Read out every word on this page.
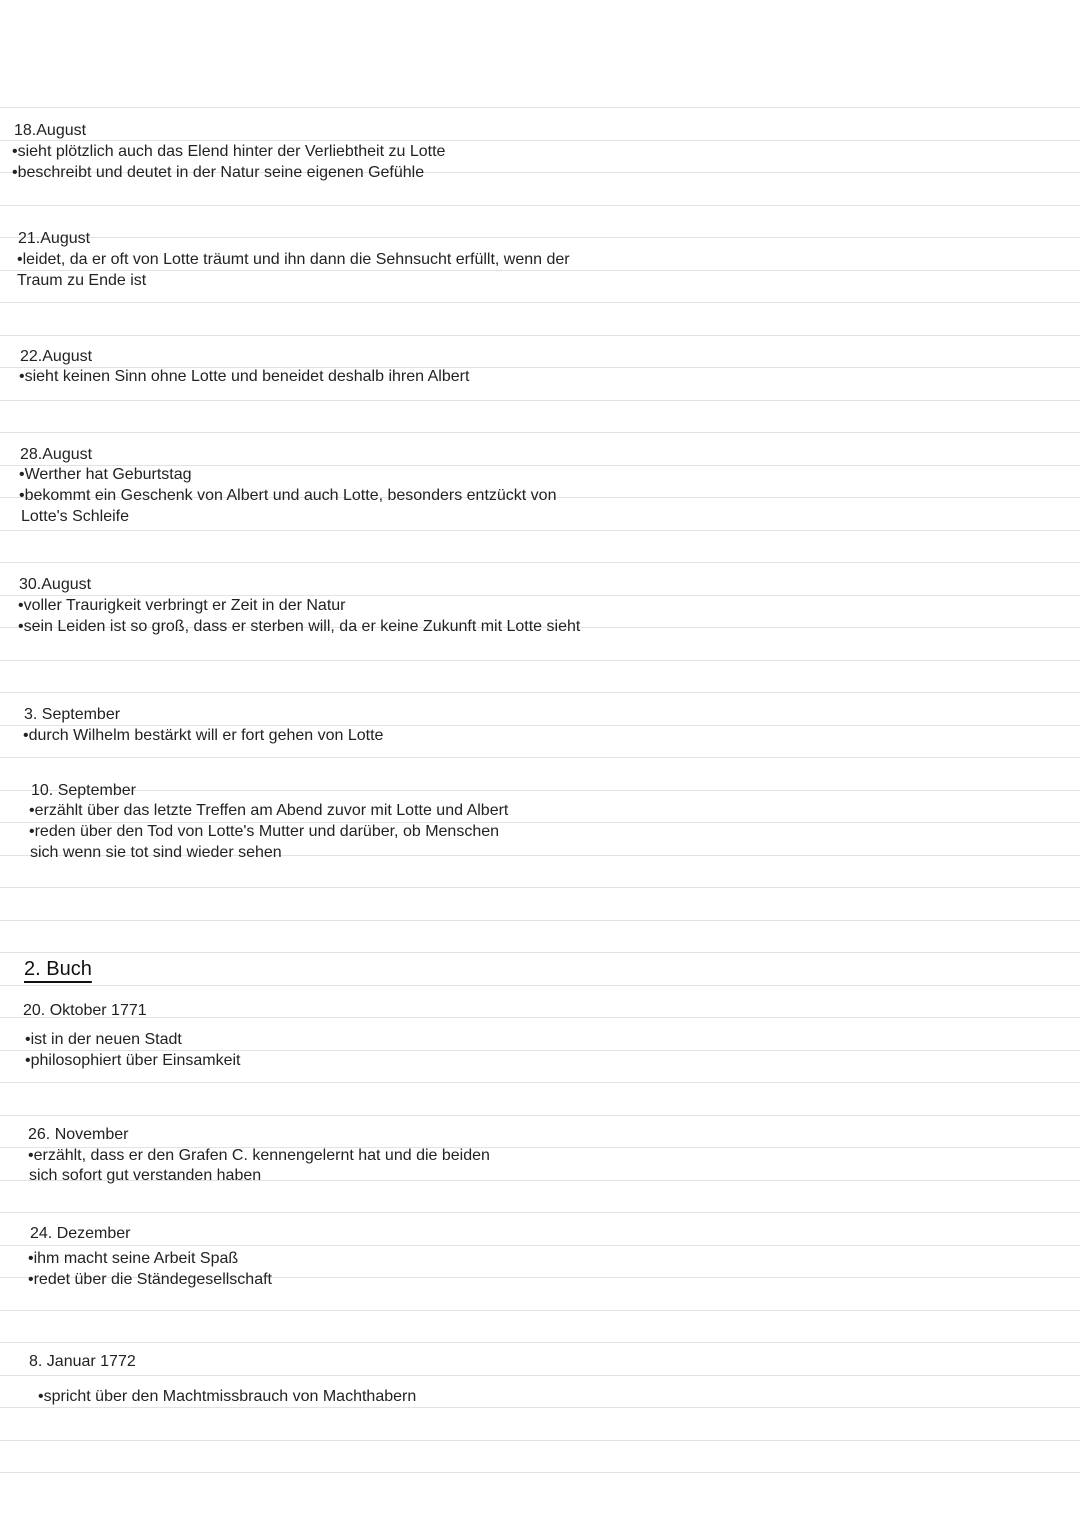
18.August
•sieht plötzlich auch das Elend hinter der Verliebtheit zu Lotte
•beschreibt und deutet in der Natur seine eigenen Gefühle
21.August
•leidet, da er oft von Lotte träumt und ihn dann die Sehnsucht erfüllt, wenn der
Traum zu Ende ist
22.August
•sieht keinen Sinn ohne Lotte und beneidet deshalb ihren Albert
28.August
•Werther hat Geburtstag
•bekommt ein Geschenk von Albert und auch Lotte, besonders entzückt von
Lotte's Schleife
30.August
•voller Traurigkeit verbringt er Zeit in der Natur
•sein Leiden ist so groß, dass er sterben will, da er keine Zukunft mit Lotte sieht
3. September
•durch Wilhelm bestärkt will er fort gehen von Lotte
10. September
•erzählt über das letzte Treffen am Abend zuvor mit Lotte und Albert
•reden über den Tod von Lotte's Mutter und darüber, ob Menschen
sich wenn sie tot sind wieder sehen
2. Buch
20. Oktober 1771
•ist in der neuen Stadt
•philosophiert über Einsamkeit
26. November
•erzählt, dass er den Grafen C. kennengelernt hat und die beiden
sich sofort gut verstanden haben
24. Dezember
•ihm macht seine Arbeit Spaß
•redet über die Ständegesellschaft
8. Januar 1772
•spricht über den Machtmissbrauch von Machthabern
